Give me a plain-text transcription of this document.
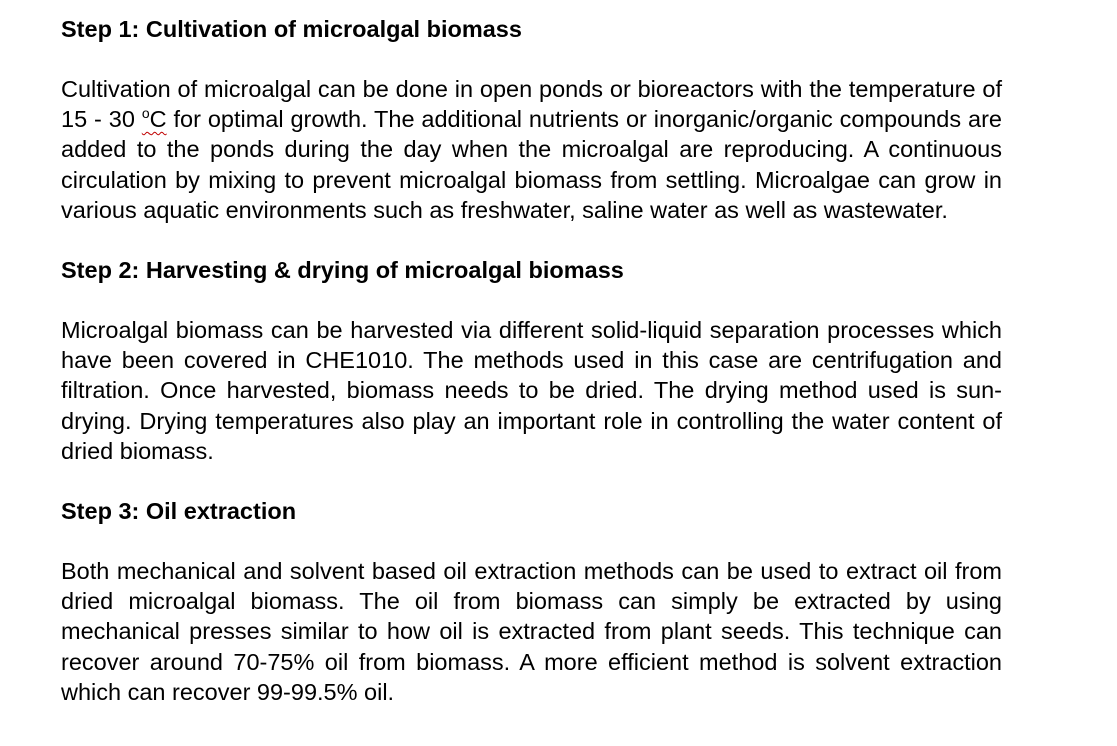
Step 1: Cultivation of microalgal biomass
Cultivation of microalgal can be done in open ponds or bioreactors with the temperature of 15 - 30 $^o$C for optimal growth. The additional nutrients or inorganic/organic compounds are added to the ponds during the day when the microalgal are reproducing. A continuous circulation by mixing to prevent microalgal biomass from settling. Microalgae can grow in various aquatic environments such as freshwater, saline water as well as wastewater.
Step 2: Harvesting & drying of microalgal biomass
Microalgal biomass can be harvested via different solid-liquid separation processes which have been covered in CHE1010. The methods used in this case are centrifugation and filtration. Once harvested, biomass needs to be dried. The drying method used is sun-drying. Drying temperatures also play an important role in controlling the water content of dried biomass.
Step 3: Oil extraction
Both mechanical and solvent based oil extraction methods can be used to extract oil from dried microalgal biomass. The oil from biomass can simply be extracted by using mechanical presses similar to how oil is extracted from plant seeds. This technique can recover around 70-75% oil from biomass. A more efficient method is solvent extraction which can recover 99-99.5% oil.
